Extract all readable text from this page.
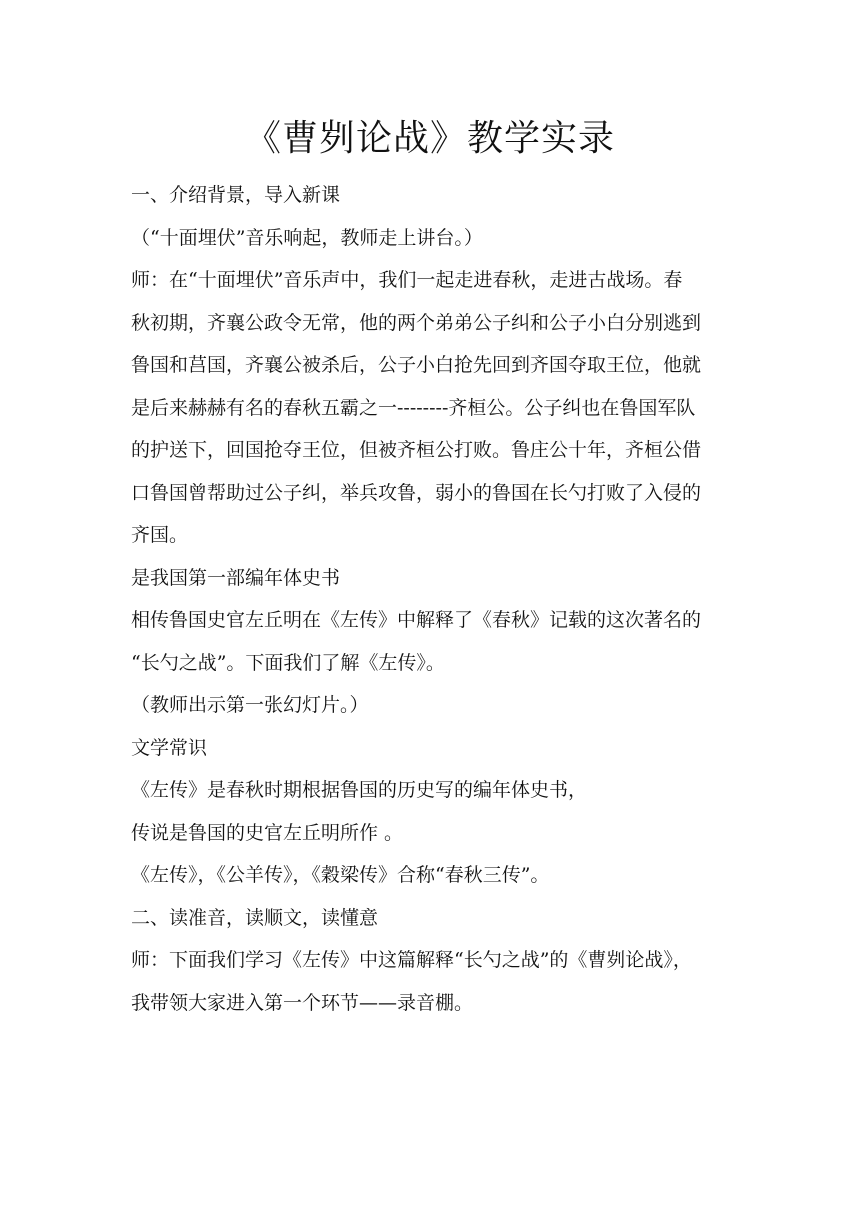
《曹刿论战》教学实录
一、介绍背景，导入新课
（“十面埋伏”音乐响起，教师走上讲台。）
师：在“十面埋伏”音乐声中，我们一起走进春秋，走进古战场。春
秋初期，齐襄公政令无常，他的两个弟弟公子纠和公子小白分别逃到
鲁国和莒国，齐襄公被杀后，公子小白抢先回到齐国夺取王位，他就
是后来赫赫有名的春秋五霸之一--------齐桓公。公子纠也在鲁国军队
的护送下，回国抢夺王位，但被齐桓公打败。鲁庄公十年，齐桓公借
口鲁国曾帮助过公子纠，举兵攻鲁，弱小的鲁国在长勺打败了入侵的
齐国。
是我国第一部编年体史书
相传鲁国史官左丘明在《左传》中解释了《春秋》记载的这次著名的
“长勺之战”。下面我们了解《左传》。
（教师出示第一张幻灯片。）
文学常识
《左传》是春秋时期根据鲁国的历史写的编年体史书，
传说是鲁国的史官左丘明所作 。
《左传》，《公羊传》，《穀梁传》合称“春秋三传”。
二、读准音，读顺文，读懂意
师：下面我们学习《左传》中这篇解释“长勺之战”的《曹刿论战》，
我带领大家进入第一个环节——录音棚。
